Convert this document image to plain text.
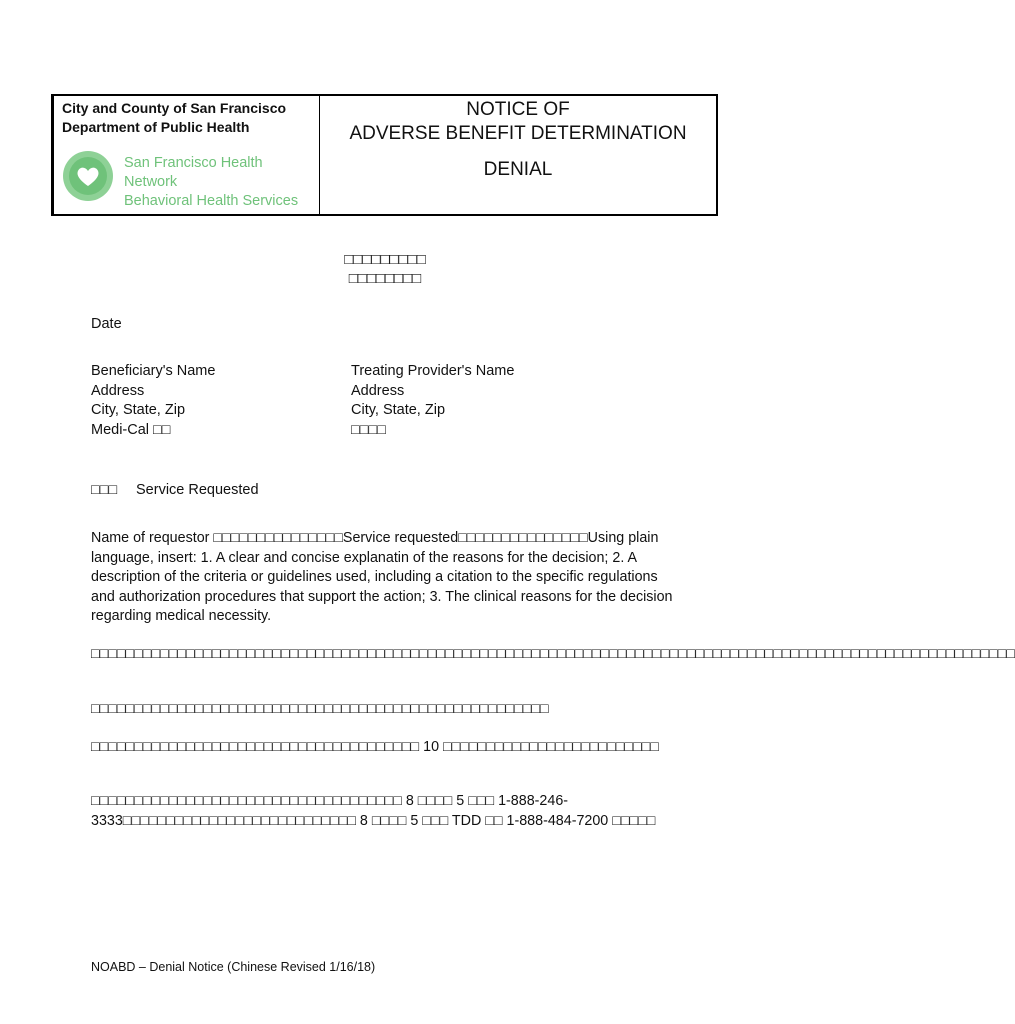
City and County of San Francisco
Department of Public Health
San Francisco Health Network
Behavioral Health Services
NOTICE OF
ADVERSE BENEFIT DETERMINATION
DENIAL
□□□□□□□□□
□□□□□□□□
Date
Beneficiary's Name
Address
City, State, Zip
Medi-Cal □□
Treating Provider's Name
Address
City, State, Zip
□□□□
□□□ Service Requested
Name of requestor □□□□□□□□□□□□□□□Service requested□□□□□□□□□□□□□□□Using plain language, insert: 1. A clear and concise explanatin of the reasons for the decision; 2. A description of the criteria or guidelines used, including a citation to the specific regulations and authorization procedures that support the action; 3. The clinical reasons for the decision regarding medical necessity.
□□□□□□□□□□□□□□□□□□□□□□□□□□□□□□□□□□□□□□□□□□□□□□□□□□□□□□□□□□□□□□□□□□□□□□□□□□□□□□□□□□□□□□□□□□□□□□□□□□□□□□□□□□□
□□□□□□□□□□□□□□□□□□□□□□□□□□□□□□□□□□□□□□□□□□□□□□□□□□□□□
□□□□□□□□□□□□□□□□□□□□□□□□□□□□□□□□□□□□□□ 10 □□□□□□□□□□□□□□□□□□□□□□□□□
□□□□□□□□□□□□□□□□□□□□□□□□□□□□□□□□□□□□ 8 □□□□ 5 □□□ 1-888-246-3333□□□□□□□□□□□□□□□□□□□□□□□□□□□ 8 □□□□ 5 □□□ TDD □□ 1-888-484-7200 □□□□□
NOABD – Denial Notice (Chinese Revised 1/16/18)
